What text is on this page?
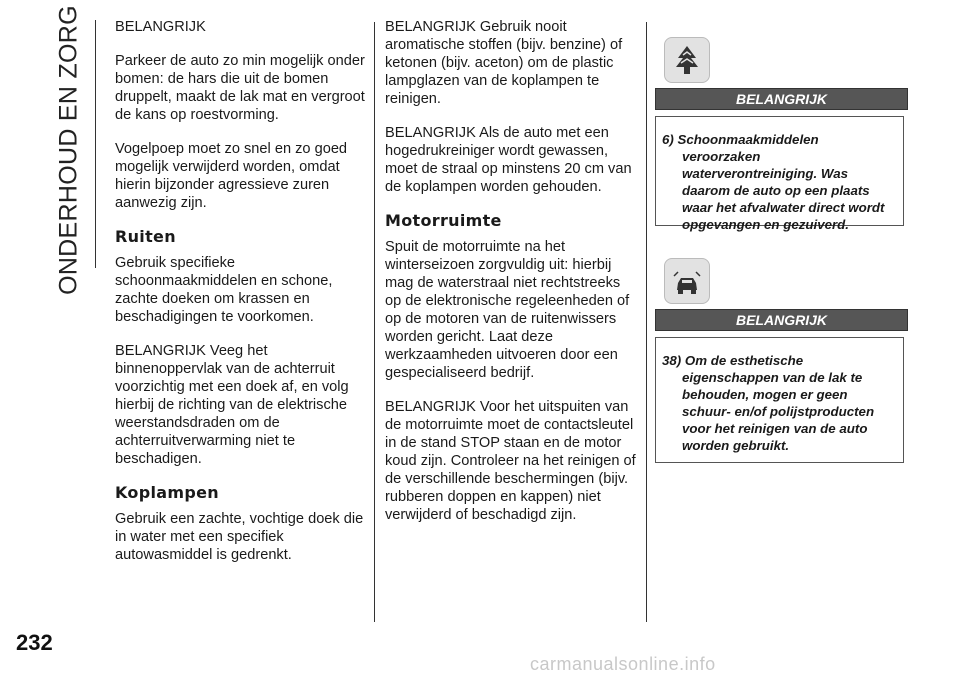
ONDERHOUD EN ZORG
232

BELANGRIJK

Parkeer de auto zo min mogelijk onder bomen: de hars die uit de bomen druppelt, maakt de lak mat en vergroot de kans op roestvorming.

Vogelpoep moet zo snel en zo goed mogelijk verwijderd worden, omdat hierin bijzonder agressieve zuren aanwezig zijn.

Ruiten

Gebruik specifieke schoonmaakmiddelen en schone, zachte doeken om krassen en beschadigingen te voorkomen.

BELANGRIJK Veeg het binnenoppervlak van de achterruit voorzichtig met een doek af, en volg hierbij de richting van de elektrische weerstandsdraden om de achterruitverwarming niet te beschadigen.

Koplampen

Gebruik een zachte, vochtige doek die in water met een specifiek autowasmiddel is gedrenkt.

BELANGRIJK Gebruik nooit aromatische stoffen (bijv. benzine) of ketonen (bijv. aceton) om de plastic lampglazen van de koplampen te reinigen.

BELANGRIJK Als de auto met een hogedrukreiniger wordt gewassen, moet de straal op minstens 20 cm van de koplampen worden gehouden.

Motorruimte

Spuit de motorruimte na het winterseizoen zorgvuldig uit: hierbij mag de waterstraal niet rechtstreeks op de elektronische regeleenheden of op de motoren van de ruitenwissers worden gericht. Laat deze werkzaamheden uitvoeren door een gespecialiseerd bedrijf.

BELANGRIJK Voor het uitspuiten van de motorruimte moet de contactsleutel in de stand STOP staan en de motor koud zijn. Controleer na het reinigen of de verschillende beschermingen (bijv. rubberen doppen en kappen) niet verwijderd of beschadigd zijn.

BELANGRIJK

6) Schoonmaakmiddelen veroorzaken waterverontreiniging. Was daarom de auto op een plaats waar het afvalwater direct wordt opgevangen en gezuiverd.

BELANGRIJK

38) Om de esthetische eigenschappen van de lak te behouden, mogen er geen schuur- en/of polijstproducten voor het reinigen van de auto worden gebruikt.

carmanualsonline.info
